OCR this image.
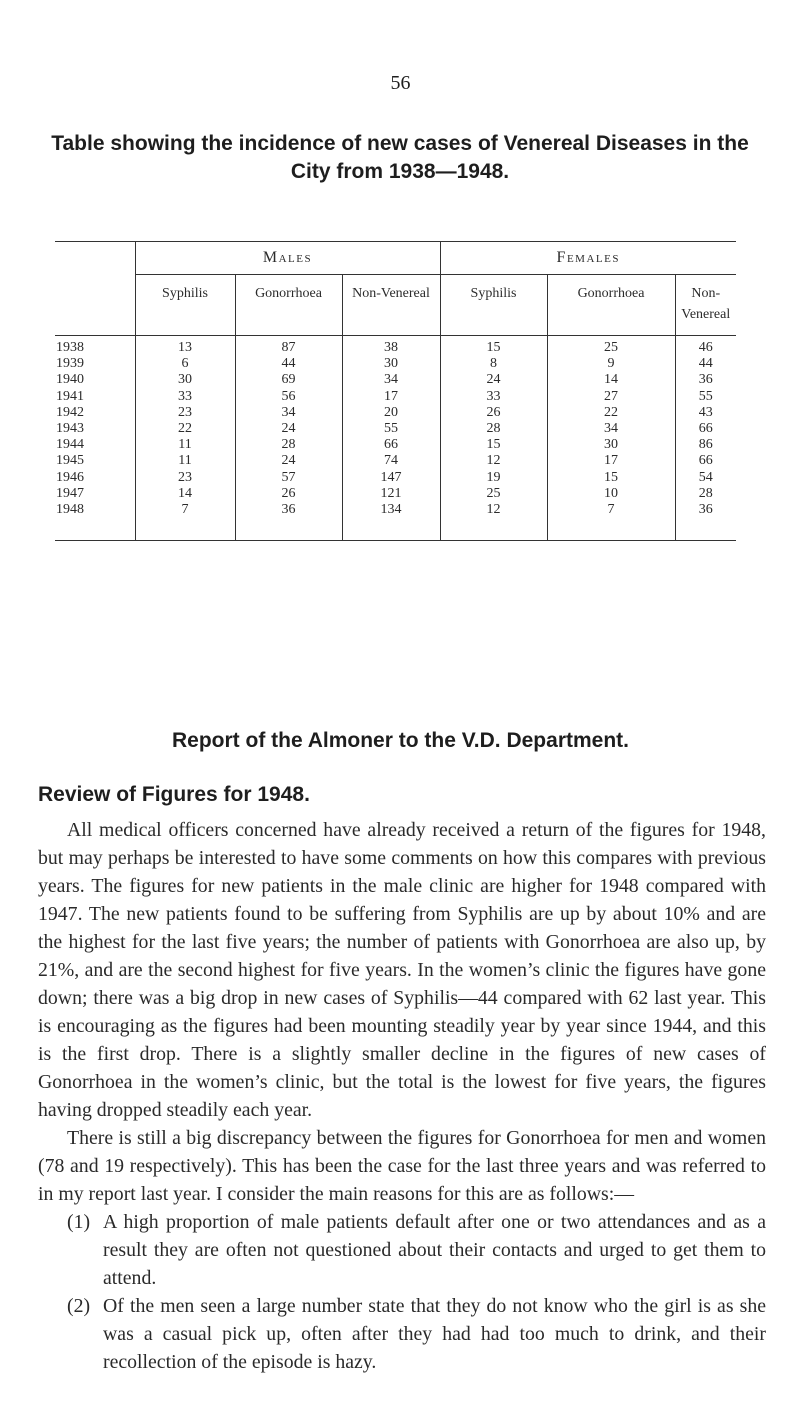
56
Table showing the incidence of new cases of Venereal Diseases in the City from 1938—1948.
	Males			Females		
	Syphilis	Gonorrhoea	Non-Venereal	Syphilis	Gonorrhoea	Non-Venereal
1938	13	87	38	15	25	46
1939	6	44	30	8	9	44
1940	30	69	34	24	14	36
1941	33	56	17	33	27	55
1942	23	34	20	26	22	43
1943	22	24	55	28	34	66
1944	11	28	66	15	30	86
1945	11	24	74	12	17	66
1946	23	57	147	19	15	54
1947	14	26	121	25	10	28
1948	7	36	134	12	7	36
Report of the Almoner to the V.D. Department.
Review of Figures for 1948.

All medical officers concerned have already received a return of the figures for 1948, but may perhaps be interested to have some comments on how this compares with previous years. The figures for new patients in the male clinic are higher for 1948 compared with 1947. The new patients found to be suffering from Syphilis are up by about 10% and are the highest for the last five years; the number of patients with Gonorrhoea are also up, by 21%, and are the second highest for five years. In the women’s clinic the figures have gone down; there was a big drop in new cases of Syphilis—44 compared with 62 last year. This is encouraging as the figures had been mounting steadily year by year since 1944, and this is the first drop. There is a slightly smaller decline in the figures of new cases of Gonorrhoea in the women’s clinic, but the total is the lowest for five years, the figures having dropped steadily each year.

There is still a big discrepancy between the figures for Gonorrhoea for men and women (78 and 19 respectively). This has been the case for the last three years and was referred to in my report last year. I consider the main reasons for this are as follows:—

(1) A high proportion of male patients default after one or two attendances and as a result they are often not questioned about their contacts and urged to get them to attend.
(2) Of the men seen a large number state that they do not know who the girl is as she was a casual pick up, often after they had had too much to drink, and their recollection of the episode is hazy.
